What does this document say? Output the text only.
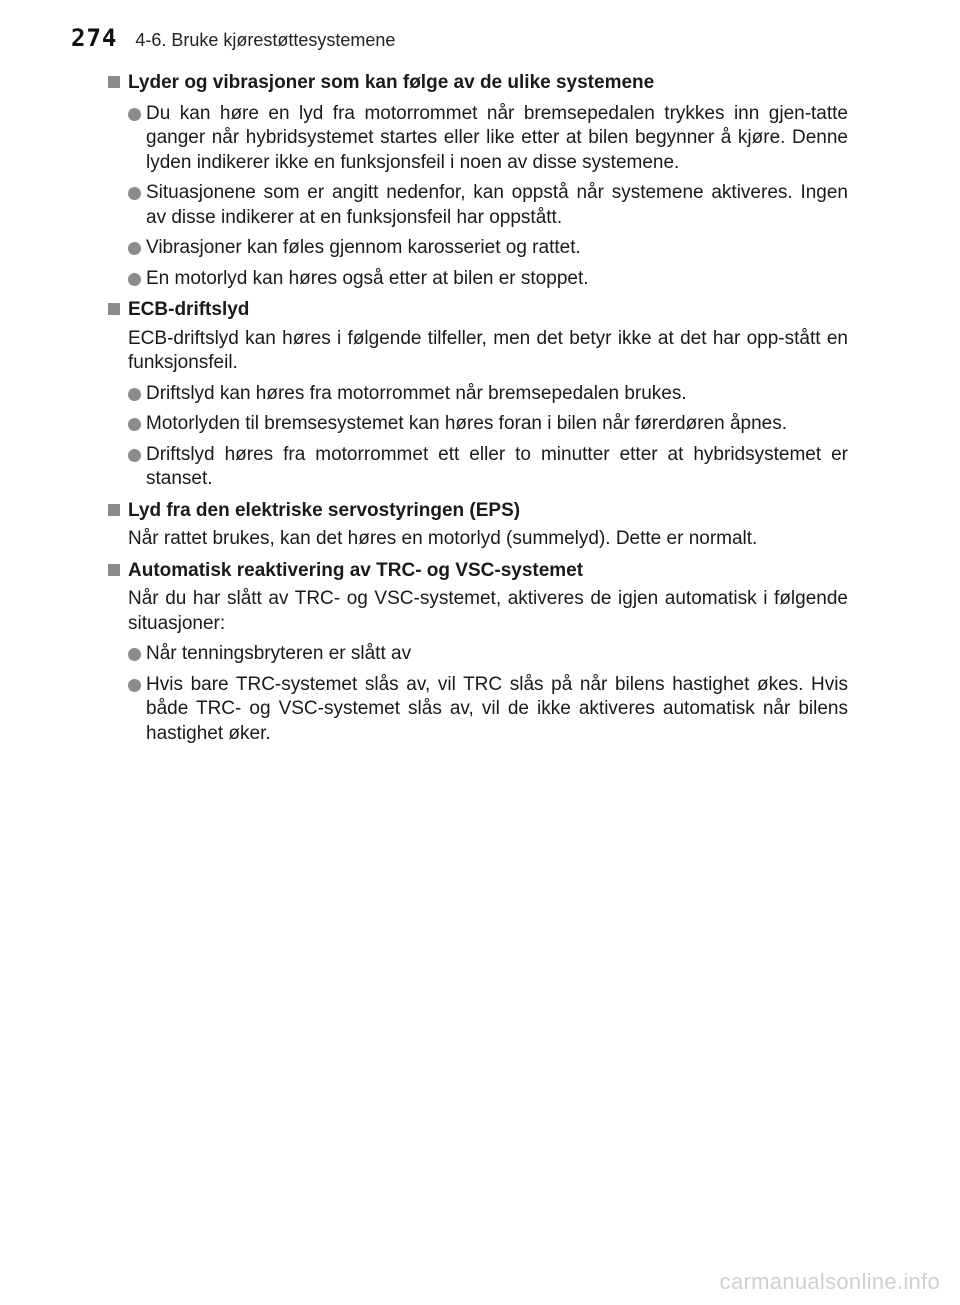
274 4-6. Bruke kjørestøttesystemene
Lyder og vibrasjoner som kan følge av de ulike systemene
Du kan høre en lyd fra motorrommet når bremsepedalen trykkes inn gjen-tatte ganger når hybridsystemet startes eller like etter at bilen begynner å kjøre. Denne lyden indikerer ikke en funksjonsfeil i noen av disse systemene.
Situasjonene som er angitt nedenfor, kan oppstå når systemene aktiveres. Ingen av disse indikerer at en funksjonsfeil har oppstått.
Vibrasjoner kan føles gjennom karosseriet og rattet.
En motorlyd kan høres også etter at bilen er stoppet.
ECB-driftslyd
ECB-driftslyd kan høres i følgende tilfeller, men det betyr ikke at det har opp-stått en funksjonsfeil.
Driftslyd kan høres fra motorrommet når bremsepedalen brukes.
Motorlyden til bremsesystemet kan høres foran i bilen når førerdøren åpnes.
Driftslyd høres fra motorrommet ett eller to minutter etter at hybridsystemet er stanset.
Lyd fra den elektriske servostyringen (EPS)
Når rattet brukes, kan det høres en motorlyd (summelyd). Dette er normalt.
Automatisk reaktivering av TRC- og VSC-systemet
Når du har slått av TRC- og VSC-systemet, aktiveres de igjen automatisk i følgende situasjoner:
Når tenningsbryteren er slått av
Hvis bare TRC-systemet slås av, vil TRC slås på når bilens hastighet økes. Hvis både TRC- og VSC-systemet slås av, vil de ikke aktiveres automatisk når bilens hastighet øker.
carmanualsonline.info
